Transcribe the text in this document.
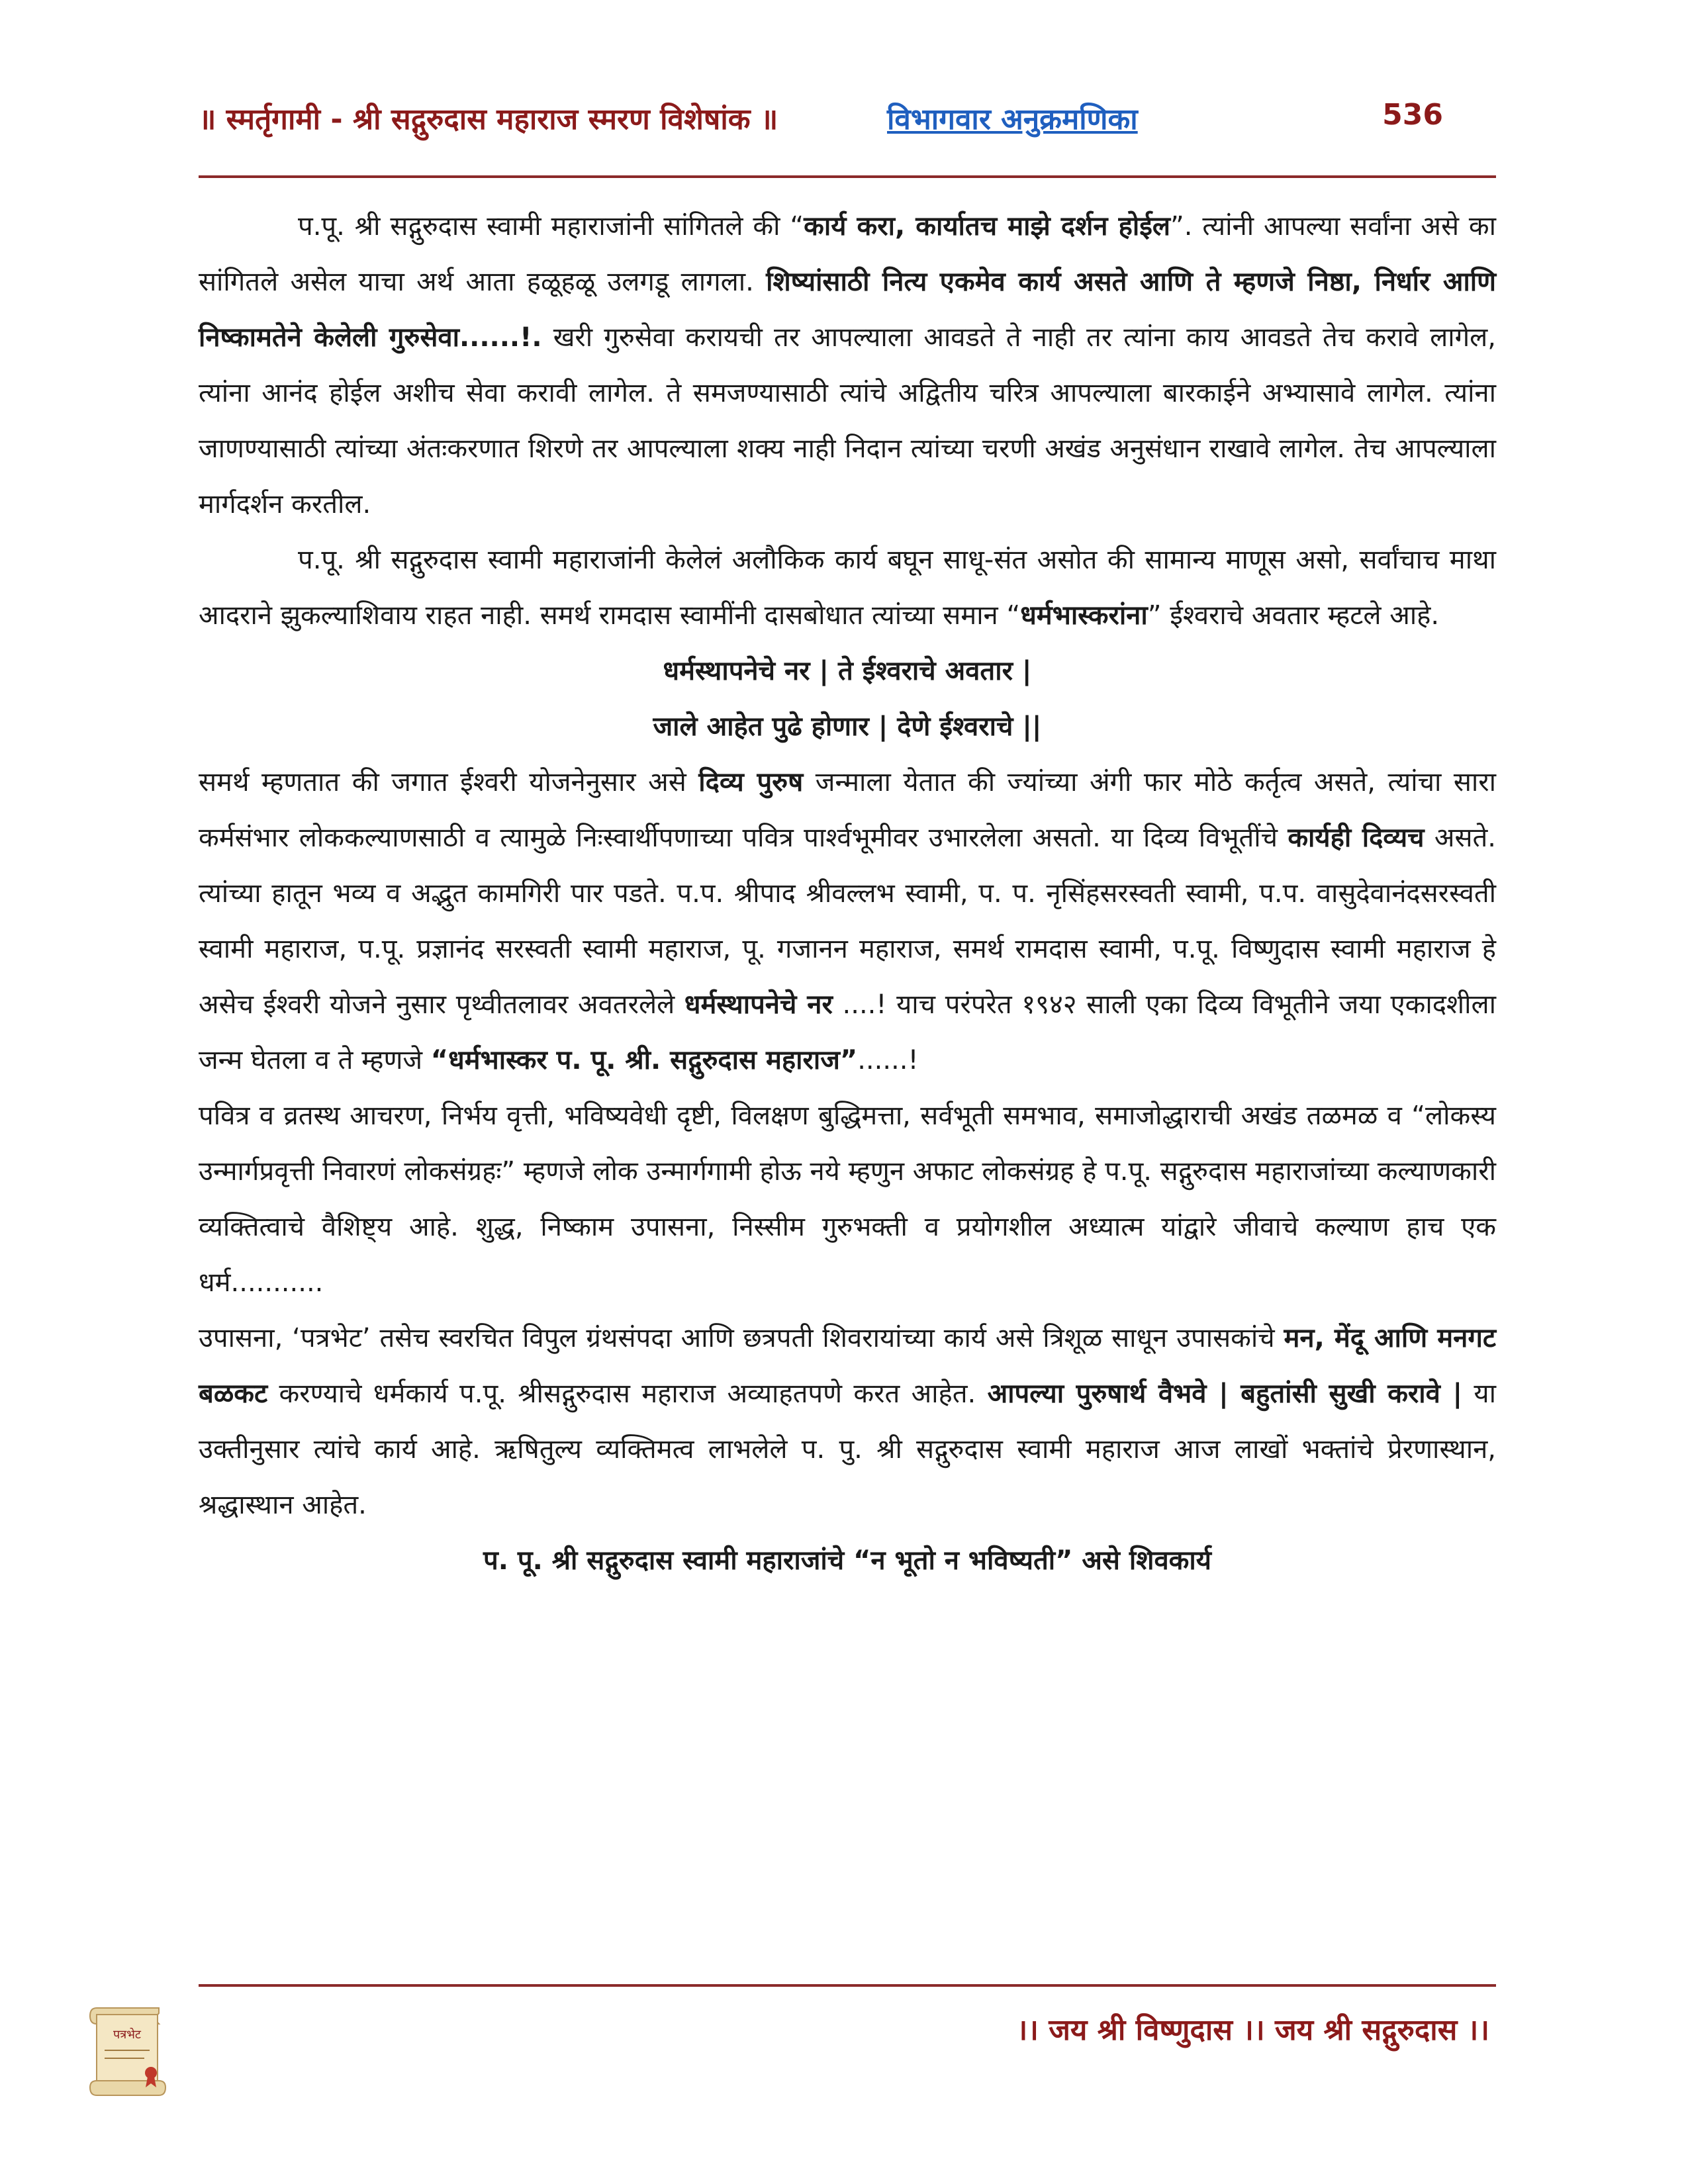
॥ स्मर्तृगामी - श्री सद्गुरुदास महाराज स्मरण विशेषांक ॥	विभागवार अनुक्रमणिका	536

प.पू. श्री सद्गुरुदास स्वामी महाराजांनी सांगितले की “कार्य करा, कार्यातच माझे दर्शन होईल”. त्यांनी आपल्या सर्वांना असे का सांगितले असेल याचा अर्थ आता हळूहळू उलगडू लागला. शिष्यांसाठी नित्य एकमेव कार्य असते आणि ते म्हणजे निष्ठा, निर्धार आणि निष्कामतेने केलेली गुरुसेवा......!. खरी गुरुसेवा करायची तर आपल्याला आवडते ते नाही तर त्यांना काय आवडते तेच करावे लागेल, त्यांना आनंद होईल अशीच सेवा करावी लागेल. ते समजण्यासाठी त्यांचे अद्वितीय चरित्र आपल्याला बारकाईने अभ्यासावे लागेल. त्यांना जाणण्यासाठी त्यांच्या अंतःकरणात शिरणे तर आपल्याला शक्य नाही निदान त्यांच्या चरणी अखंड अनुसंधान राखावे लागेल. तेच आपल्याला मार्गदर्शन करतील.

प.पू. श्री सद्गुरुदास स्वामी महाराजांनी केलेलं अलौकिक कार्य बघून साधू-संत असोत की सामान्य माणूस असो, सर्वांचाच माथा आदराने झुकल्याशिवाय राहत नाही. समर्थ रामदास स्वामींनी दासबोधात त्यांच्या समान “धर्मभास्करांना” ईश्वराचे अवतार म्हटले आहे.

धर्मस्थापनेचे नर | ते ईश्वराचे अवतार |

जाले आहेत पुढे होणार | देणे ईश्वराचे ||

समर्थ म्हणतात की जगात ईश्वरी योजनेनुसार असे दिव्य पुरुष जन्माला येतात की ज्यांच्या अंगी फार मोठे कर्तृत्व असते, त्यांचा सारा कर्मसंभार लोककल्याणसाठी व त्यामुळे निःस्वार्थीपणाच्या पवित्र पार्श्वभूमीवर उभारलेला असतो. या दिव्य विभूतींचे कार्यही दिव्यच असते. त्यांच्या हातून भव्य व अद्भुत कामगिरी पार पडते. प.प. श्रीपाद श्रीवल्लभ स्वामी, प. प. नृसिंहसरस्वती स्वामी, प.प. वासुदेवानंदसरस्वती स्वामी महाराज, प.पू. प्रज्ञानंद सरस्वती स्वामी महाराज, पू. गजानन महाराज, समर्थ रामदास स्वामी, प.पू. विष्णुदास स्वामी महाराज हे असेच ईश्वरी योजने नुसार पृथ्वीतलावर अवतरलेले धर्मस्थापनेचे नर ....! याच परंपरेत १९४२ साली एका दिव्य विभूतीने जया एकादशीला जन्म घेतला व ते म्हणजे “धर्मभास्कर प. पू. श्री. सद्गुरुदास महाराज”......!

पवित्र व व्रतस्थ आचरण, निर्भय वृत्ती, भविष्यवेधी दृष्टी, विलक्षण बुद्धिमत्ता, सर्वभूती समभाव, समाजोद्धाराची अखंड तळमळ व “लोकस्य उन्मार्गप्रवृत्ती निवारणं लोकसंग्रहः” म्हणजे लोक उन्मार्गगामी होऊ नये म्हणुन अफाट लोकसंग्रह हे प.पू. सद्गुरुदास महाराजांच्या कल्याणकारी व्यक्तित्वाचे वैशिष्ट्य आहे. शुद्ध, निष्काम उपासना, निस्सीम गुरुभक्ती व प्रयोगशील अध्यात्म यांद्वारे जीवाचे कल्याण हाच एक धर्म...........

उपासना, ‘पत्रभेट’ तसेच स्वरचित विपुल ग्रंथसंपदा आणि छत्रपती शिवरायांच्या कार्य असे त्रिशूळ साधून उपासकांचे मन, मेंदू आणि मनगट बळकट करण्याचे धर्मकार्य प.पू. श्रीसद्गुरुदास महाराज अव्याहतपणे करत आहेत. आपल्या पुरुषार्थ वैभवे | बहुतांसी सुखी करावे | या उक्तीनुसार त्यांचे कार्य आहे. ऋषितुल्य व्यक्तिमत्व लाभलेले प. पु. श्री सद्गुरुदास स्वामी महाराज आज लाखों भक्तांचे प्रेरणास्थान, श्रद्धास्थान आहेत.

प. पू. श्री सद्गुरुदास स्वामी महाराजांचे “न भूतो न भविष्यती” असे शिवकार्य

पत्रभेट	।। जय श्री विष्णुदास ।। जय श्री सद्गुरुदास ।।
